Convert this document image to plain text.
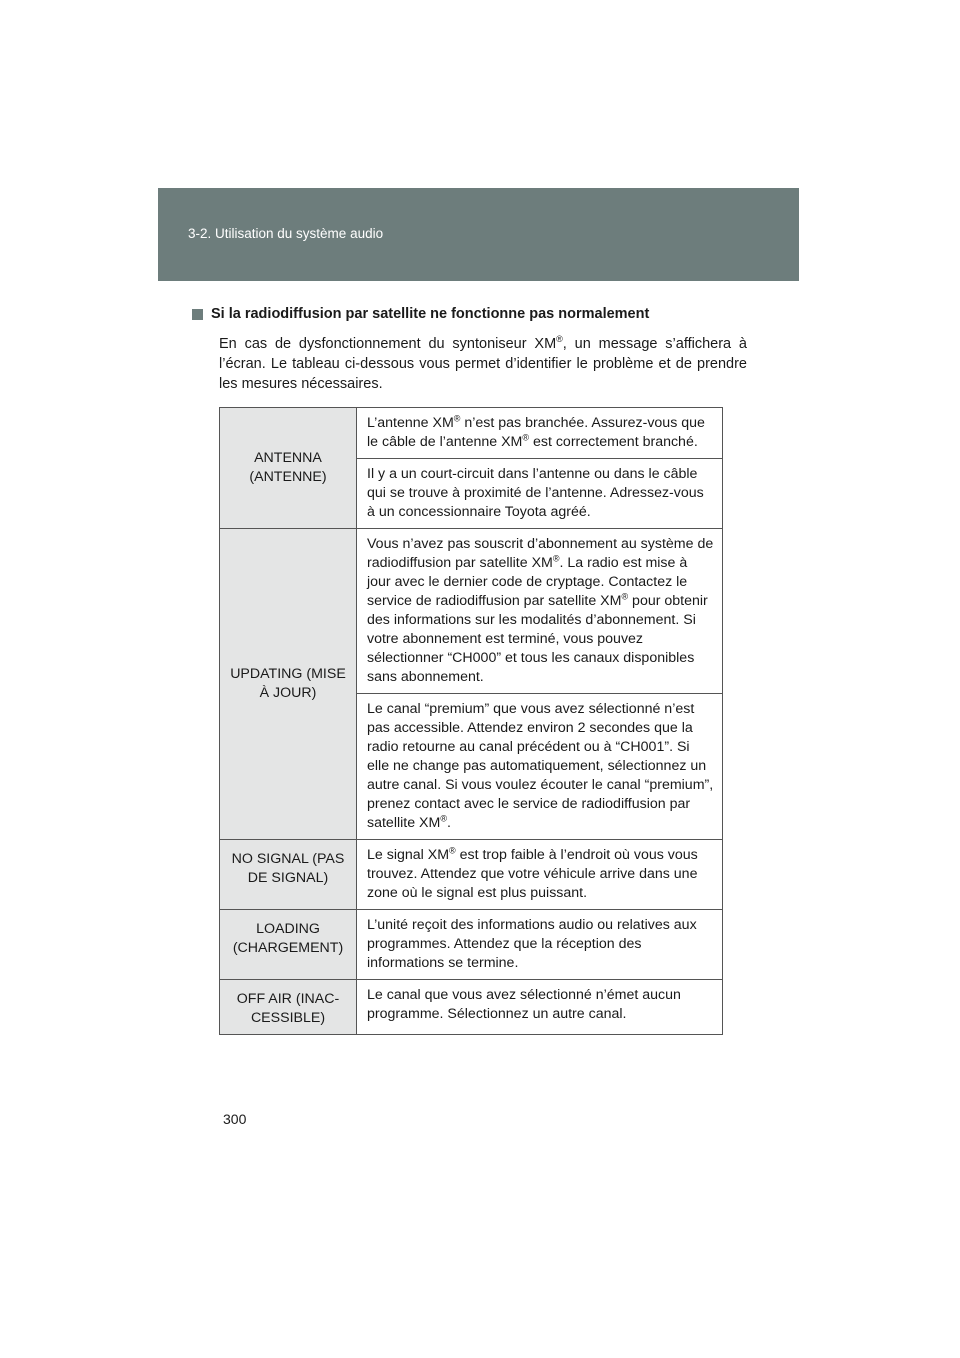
3-2. Utilisation du système audio
Si la radiodiffusion par satellite ne fonctionne pas normalement
En cas de dysfonctionnement du syntoniseur XM®, un message s’affichera à l’écran. Le tableau ci-dessous vous permet d’identifier le problème et de prendre les mesures nécessaires.
ANTENNA (ANTENNE)	L’antenne XM® n’est pas branchée. Assurez-vous que le câble de l’antenne XM® est correctement branché.
	Il y a un court-circuit dans l’antenne ou dans le câble qui se trouve à proximité de l’antenne. Adressez-vous à un concessionnaire Toyota agréé.
UPDATING (MISE À JOUR)	Vous n’avez pas souscrit d’abonnement au système de radiodiffusion par satellite XM®. La radio est mise à jour avec le dernier code de cryptage. Contactez le service de radiodiffusion par satellite XM® pour obtenir des informations sur les modalités d’abonnement. Si votre abonnement est terminé, vous pouvez sélectionner “CH000” et tous les canaux disponibles sans abonnement.
	Le canal “premium” que vous avez sélectionné n’est pas accessible. Attendez environ 2 secondes que la radio retourne au canal précédent ou à “CH001”. Si elle ne change pas automatiquement, sélectionnez un autre canal. Si vous voulez écouter le canal “premium”, prenez contact avec le service de radiodiffusion par satellite XM®.
NO SIGNAL (PAS DE SIGNAL)	Le signal XM® est trop faible à l’endroit où vous vous trouvez. Attendez que votre véhicule arrive dans une zone où le signal est plus puissant.
LOADING (CHARGEMENT)	L’unité reçoit des informations audio ou relatives aux programmes. Attendez que la réception des informations se termine.
OFF AIR (INACCESSIBLE)	Le canal que vous avez sélectionné n’émet aucun programme. Sélectionnez un autre canal.
300
